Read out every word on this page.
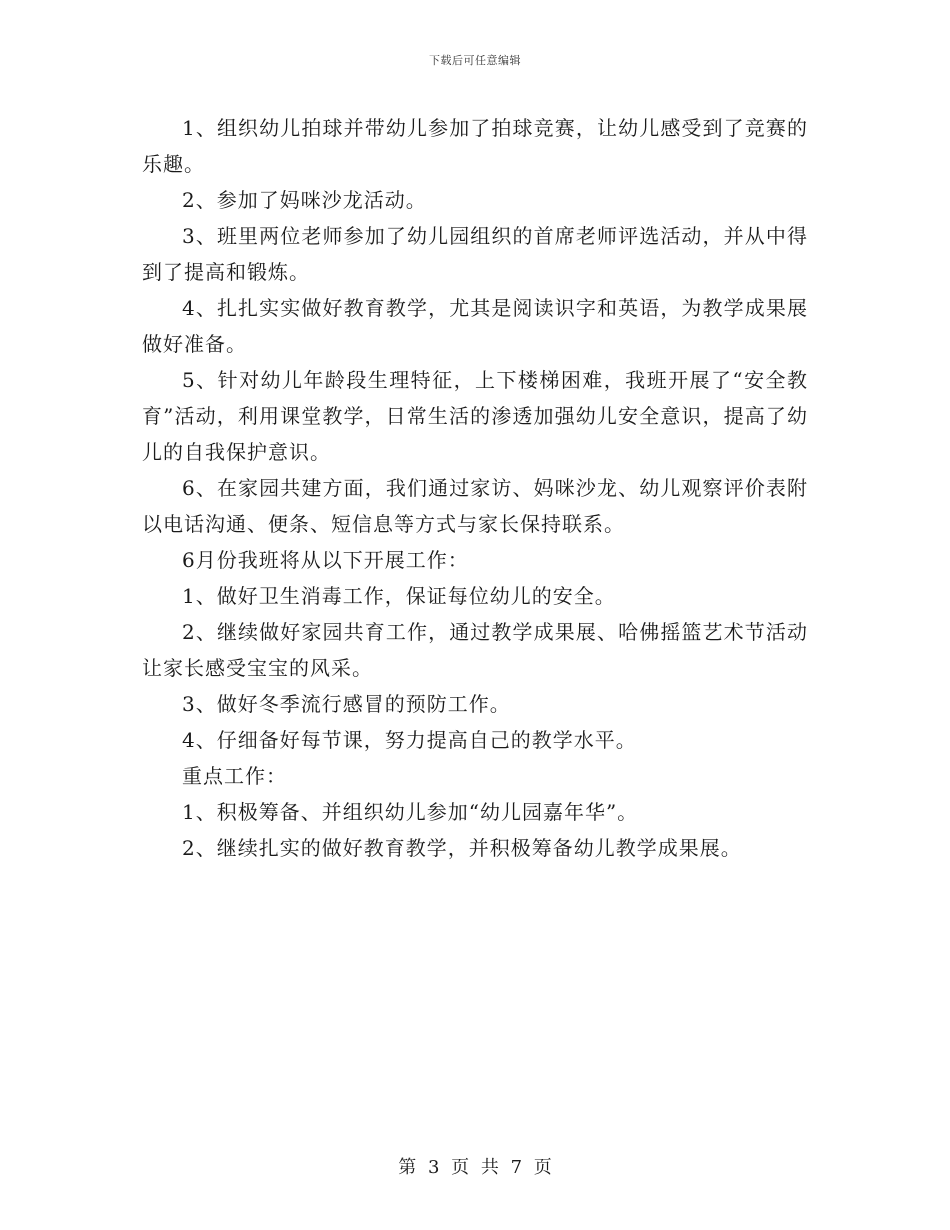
下载后可任意编辑

1、组织幼儿拍球并带幼儿参加了拍球竞赛，让幼儿感受到了竞赛的乐趣。

2、参加了妈咪沙龙活动。

3、班里两位老师参加了幼儿园组织的首席老师评选活动，并从中得到了提高和锻炼。

4、扎扎实实做好教育教学，尤其是阅读识字和英语，为教学成果展做好准备。

5、针对幼儿年龄段生理特征，上下楼梯困难，我班开展了“安全教育”活动，利用课堂教学，日常生活的渗透加强幼儿安全意识，提高了幼儿的自我保护意识。

6、在家园共建方面，我们通过家访、妈咪沙龙、幼儿观察评价表附以电话沟通、便条、短信息等方式与家长保持联系。

6月份我班将从以下开展工作：

1、做好卫生消毒工作，保证每位幼儿的安全。

2、继续做好家园共育工作，通过教学成果展、哈佛摇篮艺术节活动让家长感受宝宝的风采。

3、做好冬季流行感冒的预防工作。

4、仔细备好每节课，努力提高自己的教学水平。

重点工作：

1、积极筹备、并组织幼儿参加“幼儿园嘉年华”。

2、继续扎实的做好教育教学，并积极筹备幼儿教学成果展。

第 3 页 共 7 页
